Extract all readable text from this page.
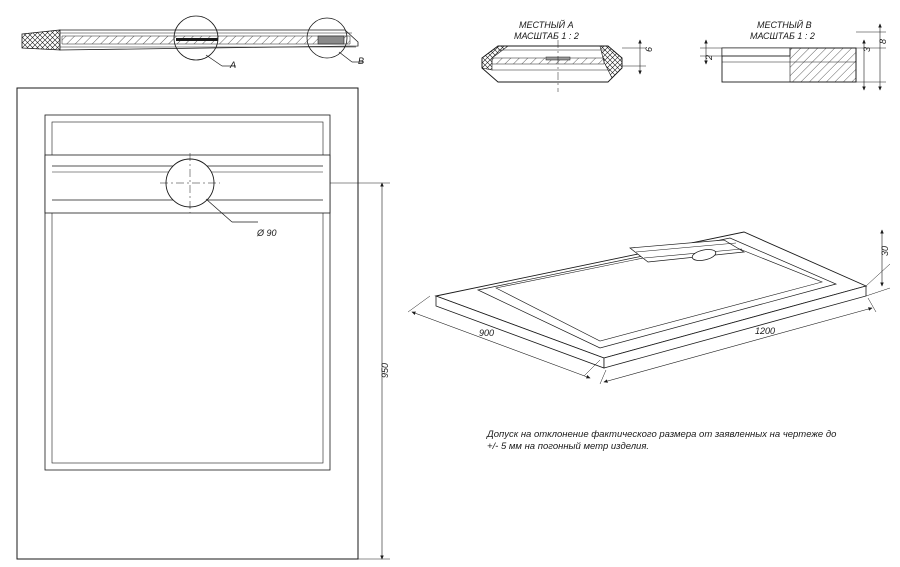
A	B
МЕСТНЫЙ А
МАСШТАБ 1 : 2
6
МЕСТНЫЙ В
МАСШТАБ 1 : 2
2
3
8
Ø 90
950
900	1200
30
Допуск на отклонение фактического размера от заявленных на чертеже до +/- 5 мм на погонный метр изделия.
